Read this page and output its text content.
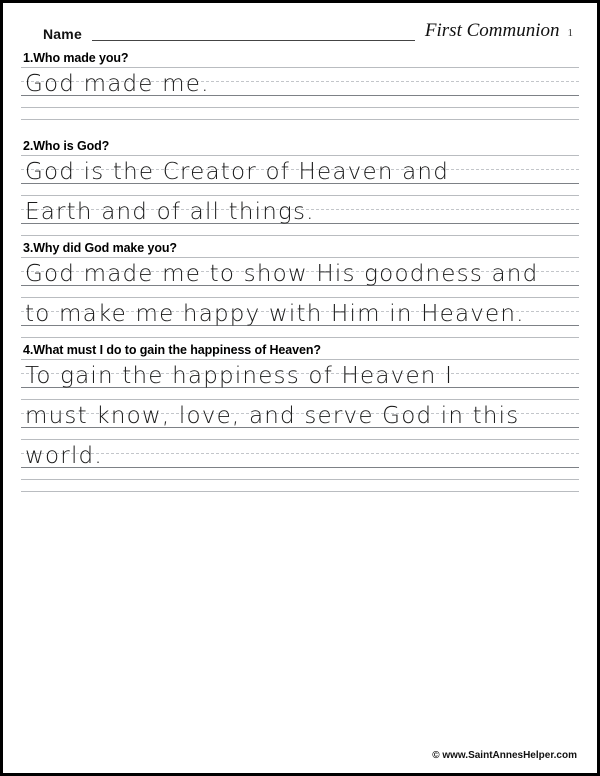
Name	First Communion 1
1.Who made you?
God made me.
2.Who is God?
God is the Creator of Heaven and
Earth and of all things.
3.Why did God make you?
God made me to show His goodness and
to make me happy with Him in Heaven.
4.What must I do to gain the happiness of Heaven?
To gain the happiness of Heaven I
must know, love, and serve God in this
world.
© www.SaintAnnesHelper.com
